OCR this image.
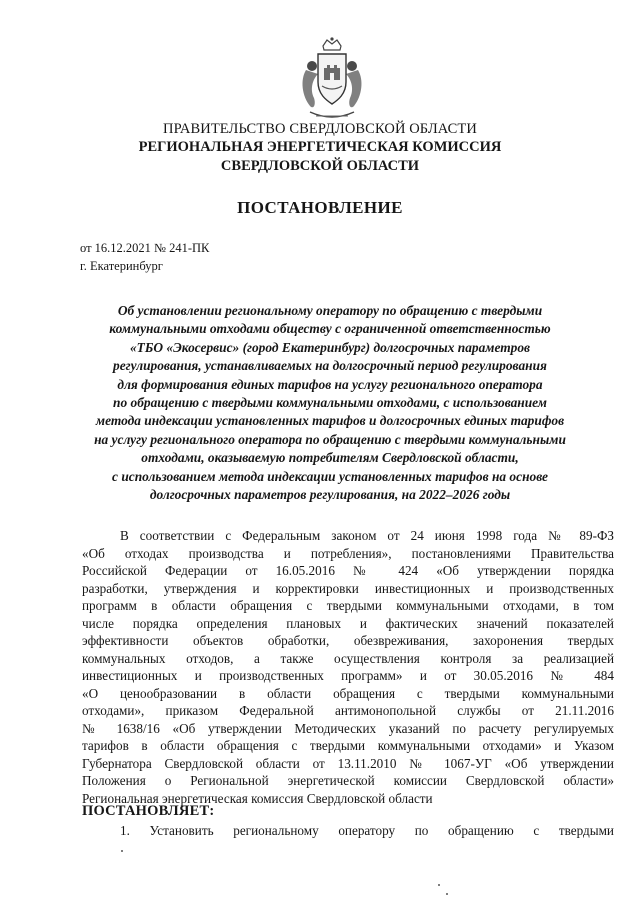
ПРАВИТЕЛЬСТВО СВЕРДЛОВСКОЙ ОБЛАСТИ
РЕГИОНАЛЬНАЯ ЭНЕРГЕТИЧЕСКАЯ КОМИССИЯ
СВЕРДЛОВСКОЙ ОБЛАСТИ
ПОСТАНОВЛЕНИЕ
от 16.12.2021 № 241-ПК
г. Екатеринбург
Об установлении региональному оператору по обращению с твердыми
коммунальными отходами обществу с ограниченной ответственностью
«ТБО «Экосервис» (город Екатеринбург) долгосрочных параметров
регулирования, устанавливаемых на долгосрочный период регулирования
для формирования единых тарифов на услугу регионального оператора
по обращению с твердыми коммунальными отходами, с использованием
метода индексации установленных тарифов и долгосрочных единых тарифов
на услугу регионального оператора по обращению с твердыми коммунальными
отходами, оказываемую потребителям Свердловской области,
с использованием метода индексации установленных тарифов на основе
долгосрочных параметров регулирования, на 2022–2026 годы
В соответствии с Федеральным законом от 24 июня 1998 года № 89-ФЗ
«Об отходах производства и потребления», постановлениями Правительства
Российской Федерации от 16.05.2016 № 424 «Об утверждении порядка
разработки, утверждения и корректировки инвестиционных и производственных
программ в области обращения с твердыми коммунальными отходами, в том
числе порядка определения плановых и фактических значений показателей
эффективности объектов обработки, обезвреживания, захоронения твердых
коммунальных отходов, а также осуществления контроля за реализацией
инвестиционных и производственных программ» и от 30.05.2016 № 484
«О ценообразовании в области обращения с твердыми коммунальными
отходами», приказом Федеральной антимонопольной службы от 21.11.2016
№ 1638/16 «Об утверждении Методических указаний по расчету регулируемых
тарифов в области обращения с твердыми коммунальными отходами» и Указом
Губернатора Свердловской области от 13.11.2010 № 1067-УГ «Об утверждении
Положения о Региональной энергетической комиссии Свердловской области»
Региональная энергетическая комиссия Свердловской области
ПОСТАНОВЛЯЕТ:
1. Установить региональному оператору по обращению с твердыми
